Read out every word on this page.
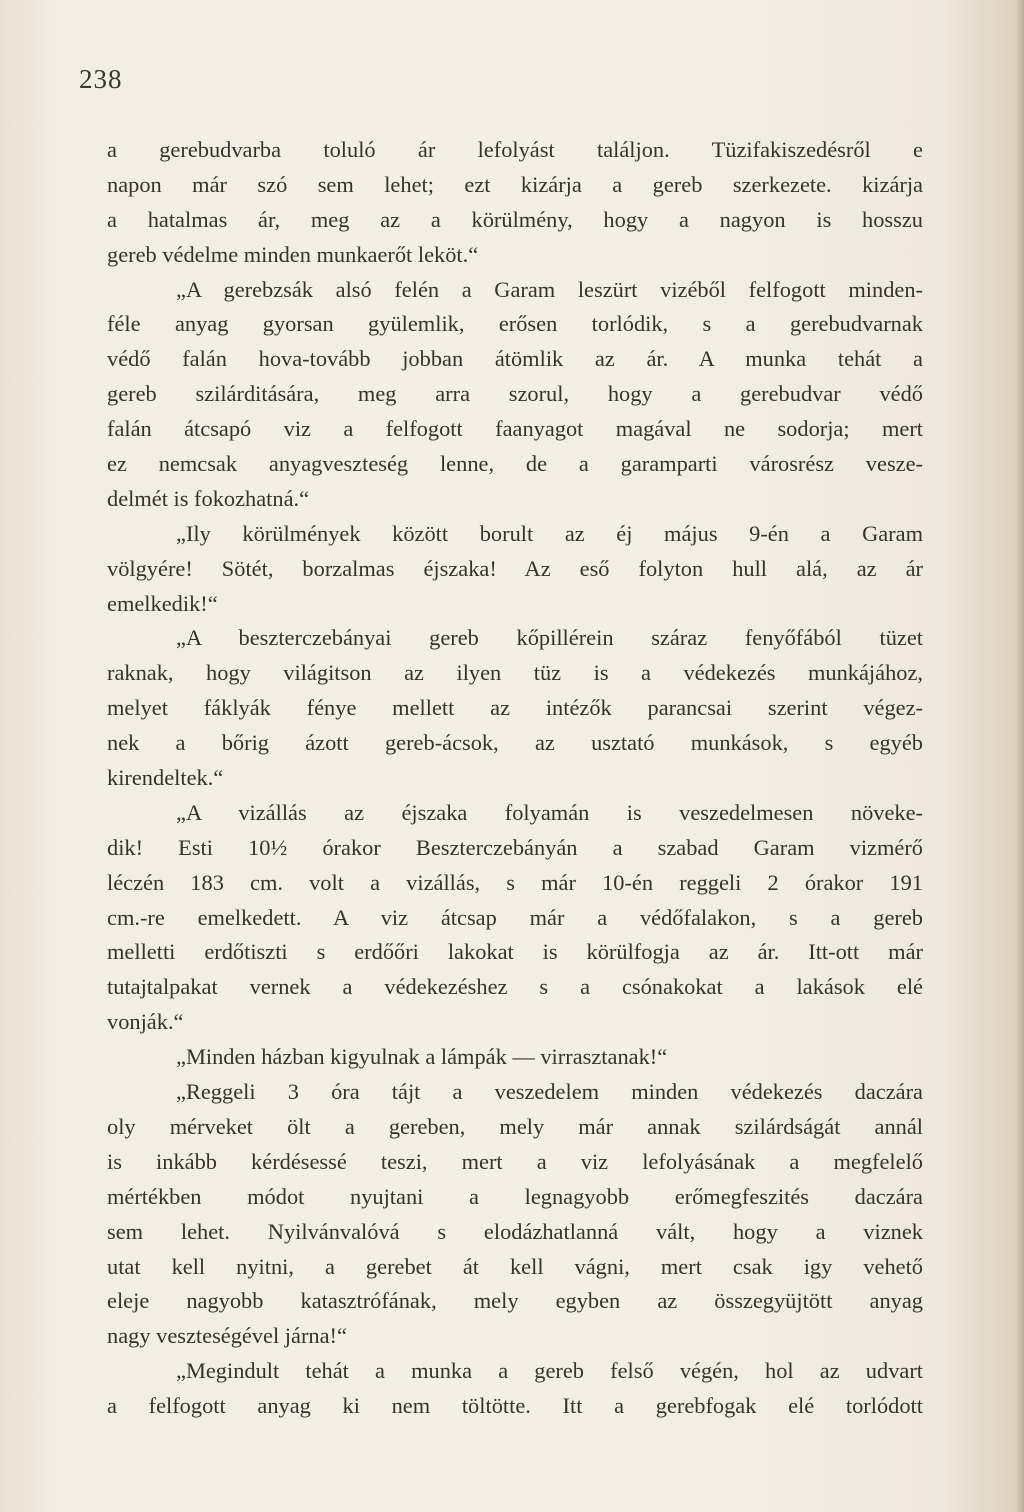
238
a gerebudvarba toluló ár lefolyást találjon. Tüzifakiszedésről e
napon már szó sem lehet; ezt kizárja a gereb szerkezete. kizárja
a hatalmas ár, meg az a körülmény, hogy a nagyon is hosszu
gereb védelme minden munkaerőt leköt.“
„A gerebzsák alsó felén a Garam leszürt vizéből felfogott minden-
féle anyag gyorsan gyülemlik, erősen torlódik, s a gerebudvarnak
védő falán hova-tovább jobban átömlik az ár. A munka tehát a
gereb szilárditására, meg arra szorul, hogy a gerebudvar védő
falán átcsapó viz a felfogott faanyagot magával ne sodorja; mert
ez nemcsak anyagveszteség lenne, de a garamparti városrész vesze-
delmét is fokozhatná.“
„Ily körülmények között borult az éj május 9-én a Garam
völgyére! Sötét, borzalmas éjszaka! Az eső folyton hull alá, az ár
emelkedik!“
„A beszterczebányai gereb kőpillérein száraz fenyőfából tüzet
raknak, hogy világitson az ilyen tüz is a védekezés munkájához,
melyet fáklyák fénye mellett az intézők parancsai szerint végez-
nek a bőrig ázott gereb-ácsok, az usztató munkások, s egyéb
kirendeltek.“
„A vizállás az éjszaka folyamán is veszedelmesen növeke-
dik! Esti 10½ órakor Beszterczebányán a szabad Garam vizmérő
léczén 183 cm. volt a vizállás, s már 10-én reggeli 2 órakor 191
cm.-re emelkedett. A viz átcsap már a védőfalakon, s a gereb
melletti erdőtiszti s erdőőri lakokat is körülfogja az ár. Itt-ott már
tutajtalpakat vernek a védekezéshez s a csónakokat a lakások elé
vonják.“
„Minden házban kigyulnak a lámpák — virrasztanak!“
„Reggeli 3 óra tájt a veszedelem minden védekezés daczára
oly mérveket ölt a gereben, mely már annak szilárdságát annál
is inkább kérdésessé teszi, mert a viz lefolyásának a megfelelő
mértékben módot nyujtani a legnagyobb erőmegfeszités daczára
sem lehet. Nyilvánvalóvá s elodázhatlanná vált, hogy a viznek
utat kell nyitni, a gerebet át kell vágni, mert csak igy vehető
eleje nagyobb katasztrófának, mely egyben az összegyüjtött anyag
nagy veszteségével járna!“
„Megindult tehát a munka a gereb felső végén, hol az udvart
a felfogott anyag ki nem töltötte. Itt a gerebfogak elé torlódott
